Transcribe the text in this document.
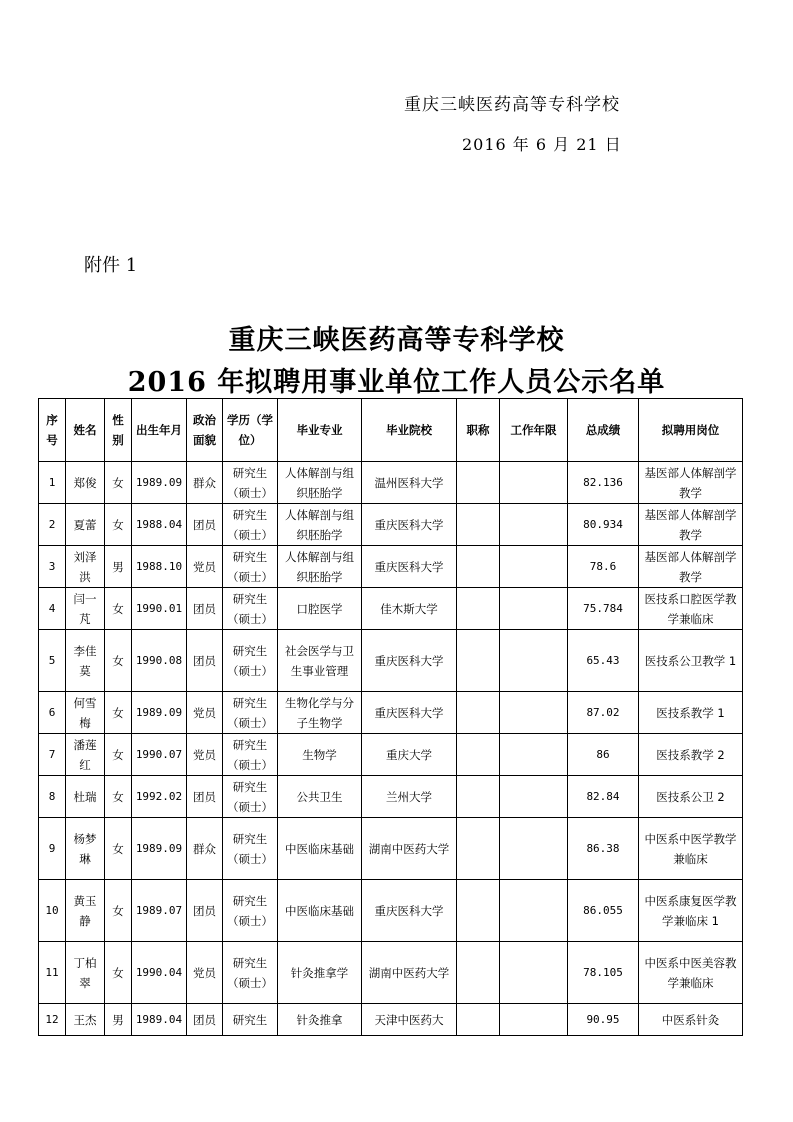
重庆三峡医药高等专科学校
2016 年 6 月 21 日
附件 1
重庆三峡医药高等专科学校
2016 年拟聘用事业单位工作人员公示名单
序号	姓名	性别	出生年月	政治面貌	学历（学位）	毕业专业	毕业院校	职称	工作年限	总成绩	拟聘用岗位
1	郑俊	女	1989.09	群众	研究生（硕士）	人体解剖与组织胚胎学	温州医科大学			82.136	基医部人体解剖学教学
2	夏蕾	女	1988.04	团员	研究生（硕士）	人体解剖与组织胚胎学	重庆医科大学			80.934	基医部人体解剖学教学
3	刘泽洪	男	1988.10	党员	研究生（硕士）	人体解剖与组织胚胎学	重庆医科大学			78.6	基医部人体解剖学教学
4	闫一芃	女	1990.01	团员	研究生（硕士）	口腔医学	佳木斯大学			75.784	医技系口腔医学教学兼临床
5	李佳莫	女	1990.08	团员	研究生（硕士）	社会医学与卫生事业管理	重庆医科大学			65.43	医技系公卫教学 1
6	何雪梅	女	1989.09	党员	研究生（硕士）	生物化学与分子生物学	重庆医科大学			87.02	医技系教学 1
7	潘莲红	女	1990.07	党员	研究生（硕士）	生物学	重庆大学			86	医技系教学 2
8	杜瑞	女	1992.02	团员	研究生（硕士）	公共卫生	兰州大学			82.84	医技系公卫 2
9	杨梦琳	女	1989.09	群众	研究生（硕士）	中医临床基础	湖南中医药大学			86.38	中医系中医学教学兼临床
10	黄玉静	女	1989.07	团员	研究生（硕士）	中医临床基础	重庆医科大学			86.055	中医系康复医学教学兼临床 1
11	丁柏翠	女	1990.04	党员	研究生（硕士）	针灸推拿学	湖南中医药大学			78.105	中医系中医美容教学兼临床
12	王杰	男	1989.04	团员	研究生	针灸推拿	天津中医药大			90.95	中医系针灸
